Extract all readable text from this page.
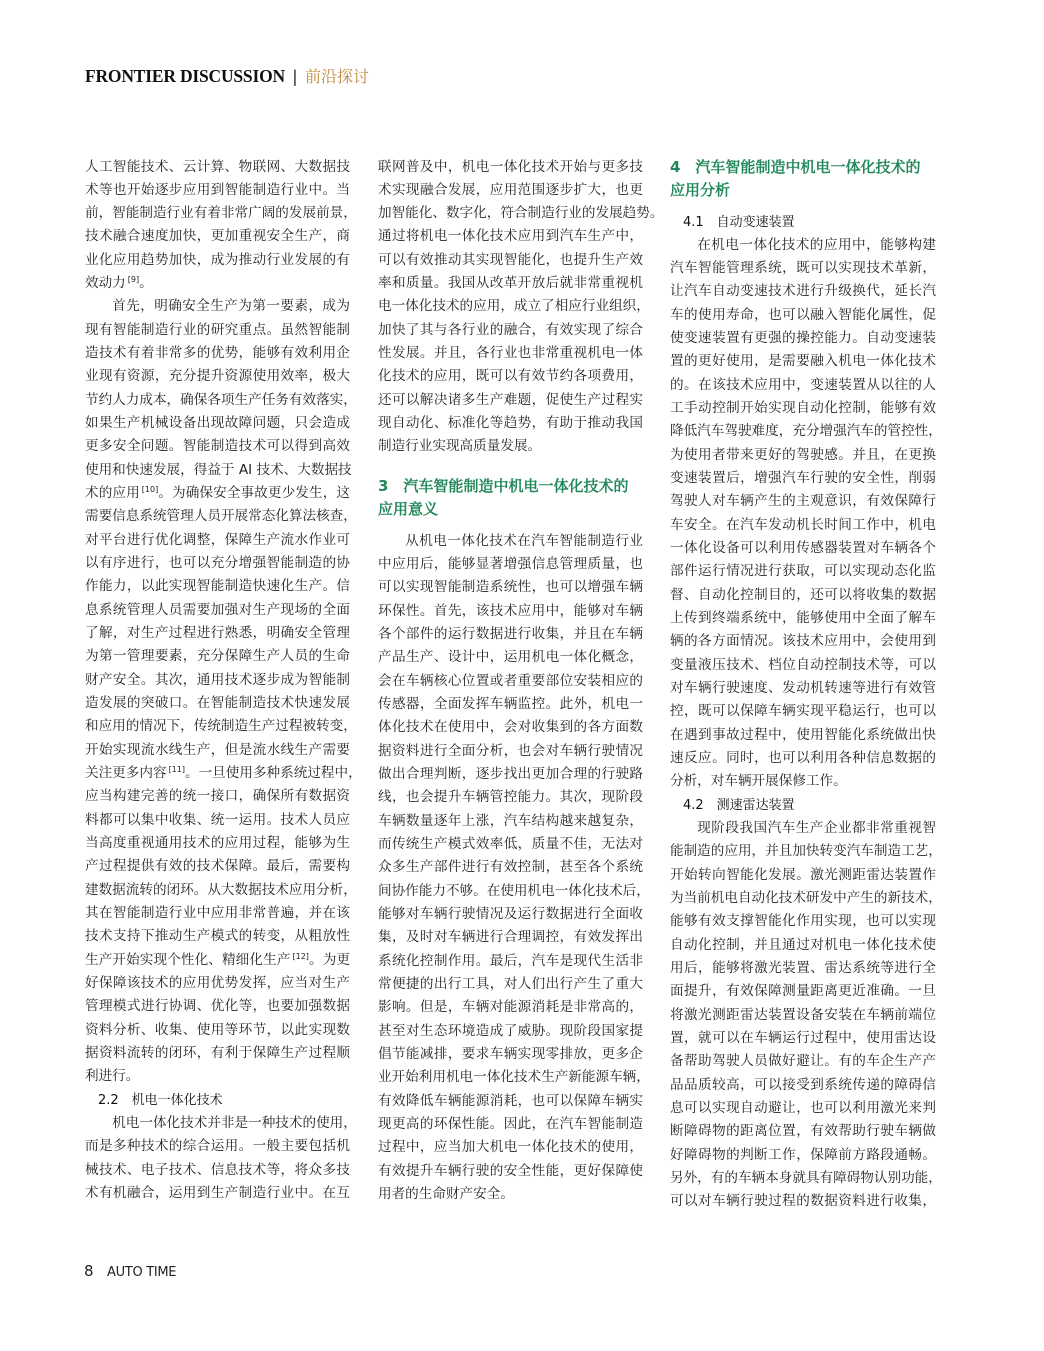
FRONTIER DISCUSSION | 前沿探讨
人工智能技术、云计算、物联网、大数据技
术等也开始逐步应用到智能制造行业中。当
前，智能制造行业有着非常广阔的发展前景，
技术融合速度加快，更加重视安全生产，商
业化应用趋势加快，成为推动行业发展的有
效动力 [9]。
首先，明确安全生产为第一要素，成为
现有智能制造行业的研究重点。虽然智能制
造技术有着非常多的优势，能够有效利用企
业现有资源，充分提升资源使用效率，极大
节约人力成本，确保各项生产任务有效落实，
如果生产机械设备出现故障问题，只会造成
更多安全问题。智能制造技术可以得到高效
使用和快速发展，得益于 AI 技术、大数据技
术的应用 [10]。为确保安全事故更少发生，这
需要信息系统管理人员开展常态化算法核查，
对平台进行优化调整，保障生产流水作业可
以有序进行，也可以充分增强智能制造的协
作能力，以此实现智能制造快速化生产。信
息系统管理人员需要加强对生产现场的全面
了解，对生产过程进行熟悉，明确安全管理
为第一管理要素，充分保障生产人员的生命
财产安全。其次，通用技术逐步成为智能制
造发展的突破口。在智能制造技术快速发展
和应用的情况下，传统制造生产过程被转变，
开始实现流水线生产，但是流水线生产需要
关注更多内容 [11]。一旦使用多种系统过程中，
应当构建完善的统一接口，确保所有数据资
料都可以集中收集、统一运用。技术人员应
当高度重视通用技术的应用过程，能够为生
产过程提供有效的技术保障。最后，需要构
建数据流转的闭环。从大数据技术应用分析，
其在智能制造行业中应用非常普遍，并在该
技术支持下推动生产模式的转变，从粗放性
生产开始实现个性化、精细化生产 [12]。为更
好保障该技术的应用优势发挥，应当对生产
管理模式进行协调、优化等，也要加强数据
资料分析、收集、使用等环节，以此实现数
据资料流转的闭环，有利于保障生产过程顺
利进行。
2.2　机电一体化技术
机电一体化技术并非是一种技术的使用，
而是多种技术的综合运用。一般主要包括机
械技术、电子技术、信息技术等，将众多技
术有机融合，运用到生产制造行业中。在互
联网普及中，机电一体化技术开始与更多技
术实现融合发展，应用范围逐步扩大，也更
加智能化、数字化，符合制造行业的发展趋势。
通过将机电一体化技术应用到汽车生产中，
可以有效推动其实现智能化，也提升生产效
率和质量。我国从改革开放后就非常重视机
电一体化技术的应用，成立了相应行业组织，
加快了其与各行业的融合，有效实现了综合
性发展。并且，各行业也非常重视机电一体
化技术的应用，既可以有效节约各项费用，
还可以解决诸多生产难题，促使生产过程实
现自动化、标准化等趋势，有助于推动我国
制造行业实现高质量发展。
3　汽车智能制造中机电一体化技术的
应用意义
从机电一体化技术在汽车智能制造行业
中应用后，能够显著增强信息管理质量，也
可以实现智能制造系统性，也可以增强车辆
环保性。首先，该技术应用中，能够对车辆
各个部件的运行数据进行收集，并且在车辆
产品生产、设计中，运用机电一体化概念，
会在车辆核心位置或者重要部位安装相应的
传感器，全面发挥车辆监控。此外，机电一
体化技术在使用中，会对收集到的各方面数
据资料进行全面分析，也会对车辆行驶情况
做出合理判断，逐步找出更加合理的行驶路
线，也会提升车辆管控能力。其次，现阶段
车辆数量逐年上涨，汽车结构越来越复杂，
而传统生产模式效率低，质量不佳，无法对
众多生产部件进行有效控制，甚至各个系统
间协作能力不够。在使用机电一体化技术后，
能够对车辆行驶情况及运行数据进行全面收
集，及时对车辆进行合理调控，有效发挥出
系统化控制作用。最后，汽车是现代生活非
常便捷的出行工具，对人们出行产生了重大
影响。但是，车辆对能源消耗是非常高的，
甚至对生态环境造成了威胁。现阶段国家提
倡节能减排，要求车辆实现零排放，更多企
业开始利用机电一体化技术生产新能源车辆，
有效降低车辆能源消耗，也可以保障车辆实
现更高的环保性能。因此，在汽车智能制造
过程中，应当加大机电一体化技术的使用，
有效提升车辆行驶的安全性能，更好保障使
用者的生命财产安全。
4　汽车智能制造中机电一体化技术的
应用分析
4.1　自动变速装置
在机电一体化技术的应用中，能够构建
汽车智能管理系统，既可以实现技术革新，
让汽车自动变速技术进行升级换代，延长汽
车的使用寿命，也可以融入智能化属性，促
使变速装置有更强的操控能力。自动变速装
置的更好使用，是需要融入机电一体化技术
的。在该技术应用中，变速装置从以往的人
工手动控制开始实现自动化控制，能够有效
降低汽车驾驶难度，充分增强汽车的管控性，
为使用者带来更好的驾驶感。并且，在更换
变速装置后，增强汽车行驶的安全性，削弱
驾驶人对车辆产生的主观意识，有效保障行
车安全。在汽车发动机长时间工作中，机电
一体化设备可以利用传感器装置对车辆各个
部件运行情况进行获取，可以实现动态化监
督、自动化控制目的，还可以将收集的数据
上传到终端系统中，能够使用中全面了解车
辆的各方面情况。该技术应用中，会使用到
变量液压技术、档位自动控制技术等，可以
对车辆行驶速度、发动机转速等进行有效管
控，既可以保障车辆实现平稳运行，也可以
在遇到事故过程中，使用智能化系统做出快
速反应。同时，也可以利用各种信息数据的
分析，对车辆开展保修工作。
4.2　测速雷达装置
现阶段我国汽车生产企业都非常重视智
能制造的应用，并且加快转变汽车制造工艺，
开始转向智能化发展。激光测距雷达装置作
为当前机电自动化技术研发中产生的新技术，
能够有效支撑智能化作用实现，也可以实现
自动化控制，并且通过对机电一体化技术使
用后，能够将激光装置、雷达系统等进行全
面提升，有效保障测量距离更近准确。一旦
将激光测距雷达装置设备安装在车辆前端位
置，就可以在车辆运行过程中，使用雷达设
备帮助驾驶人员做好避让。有的车企生产产
品品质较高，可以接受到系统传递的障碍信
息可以实现自动避让，也可以利用激光来判
断障碍物的距离位置，有效帮助行驶车辆做
好障碍物的判断工作，保障前方路段通畅。
另外，有的车辆本身就具有障碍物认别功能，
可以对车辆行驶过程的数据资料进行收集，
8 AUTO TIME
